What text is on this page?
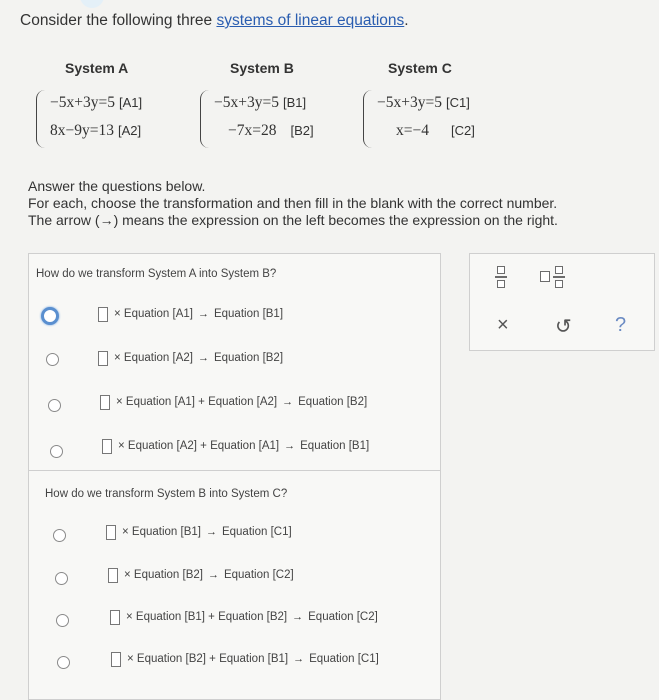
Consider the following three systems of linear equations.
System A	System B	System C
−5x+3y=5 [A1]
8x−9y=13 [A2]
−5x+3y=5 [B1]
−7x=28 [B2]
−5x+3y=5 [C1]
x=−4 [C2]
Answer the questions below.
For each, choose the transformation and then fill in the blank with the correct number.
The arrow (→) means the expression on the left becomes the expression on the right.
How do we transform System A into System B?
× Equation [A1] → Equation [B1]
× Equation [A2] → Equation [B2]
× Equation [A1] + Equation [A2] → Equation [B2]
× Equation [A2] + Equation [A1] → Equation [B1]
How do we transform System B into System C?
× Equation [B1] → Equation [C1]
× Equation [B2] → Equation [C2]
× Equation [B1] + Equation [B2] → Equation [C2]
× Equation [B2] + Equation [B1] → Equation [C1]
× ↺ ?
